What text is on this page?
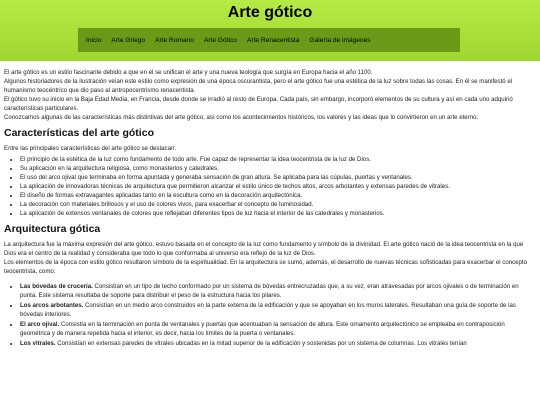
Arte gótico
Inicio	Arte Griego	Arte Romano	Arte Gótico	Arte Renacentista	Galería de imágenes

El arte gótico es un estilo fascinante debido a que en él se unifican el arte y una nueva teología que surgía en Europa hacia el año 1100.

Algunos historiadores de la ilustración veían este estilo como expresión de una época oscurantista, pero el arte gótico fue una estética de la luz sobre todas las cosas. En él se manifestó el humanismo teocéntrico que dio paso al antropocentrismo renacentista.

El gótico tuvo su inicio en la Baja Edad Media, en Francia, desde donde se irradió al resto de Europa. Cada país, sin embargo, incorporó elementos de su cultura y así en cada uno adquirió características particulares.

Conozcamos algunas de las características más distintivas del arte gótico, así como los acontecimientos históricos, los valores y las ideas que lo convirtieron en un arte eterno.

Características del arte gótico

Entre las principales características del arte gótico se destacan:

• El principio de la estética de la luz como fundamento de todo arte. Fue capaz de representar la idea teocentrista de la luz de Dios.
• Su aplicación en la arquitectura religiosa, como monasterios y catedrales.
• El uso del arco ojival que terminaba en forma apuntada y generaba sensación de gran altura. Se aplicaba para las cúpulas, puertas y ventanales.
• La aplicación de innovadoras técnicas de arquitectura que permitieron alcanzar el estilo único de techos altos, arcos arbotantes y extensas paredes de vitrales.
• El diseño de formas extravagantes aplicadas tanto en la escultura como en la decoración arquitectónica.
• La decoración con materiales brillosos y el uso de colores vivos, para exacerbar el concepto de luminosidad.
• La aplicación de extensos ventanales de colores que reflejaban diferentes tipos de luz hacia el interior de las catedrales y monasterios.
Arquitectura gótica

La arquitectura fue la máxima expresión del arte gótico, estuvo basada en el concepto de la luz como fundamento y símbolo de la divinidad. El arte gótico nació de la idea teocentrista en la que Dios era el centro de la realidad y consideraba que todo lo que conformaba al universo era reflejo de la luz de Dios.

Los elementos de la época con estilo gótico resultaron símbolo de la espiritualidad. En la arquitectura se sumó, además, el desarrollo de nuevas técnicas sofisticadas para exacerbar el concepto teocentrista, como:

• Las bóvedas de crucería. Consistían en un tipo de techo conformado por un sistema de bóvedas entrecruzadas que, a su vez, eran atravesadas por arcos ojivales o de terminación en punta. Este sistema resultaba de soporte para distribuir el peso de la estructura hacia los pilares.
• Los arcos arbotantes. Consistían en un medio arco construidos en la parte externa de la edificación y que se apoyaban en los muros laterales. Resultaban una guía de soporte de las bóvedas interiores.
• El arco ojival. Consistía en la terminación en punta de ventanales y puertas que acentuaban la sensación de altura. Este ornamento arquitectónico se empleaba en contraposición geométrica y de manera repetida hacia el interior, es decir, hacia los límites de la puerta o ventanales.
• Los vitrales. Consistían en extensas paredes de vitrales ubicadas en la mitad superior de la edificación y sostenidas por un sistema de columnas. Los vitrales tenían
